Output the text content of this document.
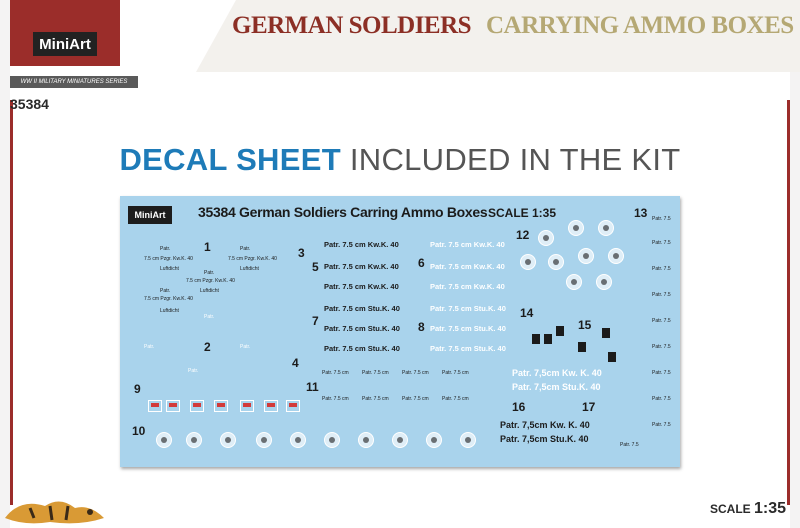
MiniArt
WW II MILITARY MINIATURES SERIES
35384
GERMAN SOLDIERS CARRYING AMMO BOXES
DECAL SHEET INCLUDED IN THE KIT
MiniArt	35384 German Soldiers Carring Ammo Boxes SCALE 1:35
1
2
3
4
5	6
7	8
9
10
11
12
13
14
15
16	17
Patr.
7.5 cm Pzgr. Kw.K. 40
Luftdicht
Patr.
7.5 cm Pzgr. Kw.K. 40
Luftdicht
Patr.
7.5 cm Pzgr. Kw.K. 40
Luftdicht
Patr.
7.5 cm Pzgr. Kw.K. 40
Luftdicht
Patr.
Patr.	Patr.
Patr.
Patr. 7.5 cm Kw.K. 40
Patr. 7.5 cm Kw.K. 40
Patr. 7.5 cm Kw.K. 40
Patr. 7.5 cm Stu.K. 40
Patr. 7.5 cm Stu.K. 40
Patr. 7.5 cm Stu.K. 40
Patr. 7.5 cm Kw.K. 40
Patr. 7.5 cm Kw.K. 40
Patr. 7.5 cm Kw.K. 40
Patr. 7.5 cm Stu.K. 40
Patr. 7.5 cm Stu.K. 40
Patr. 7.5 cm Stu.K. 40
Patr. 7,5cm Kw. K. 40
Patr. 7,5cm Stu.K. 40
Patr. 7,5cm Kw. K. 40
Patr. 7,5cm Stu.K. 40
Patr. 7.5
Patr. 7.5
Patr. 7.5
Patr. 7.5
Patr. 7.5
Patr. 7.5
Patr. 7.5
Patr. 7.5
Patr. 7.5
Patr. 7.5
Patr. 7.5 cm	Patr. 7.5 cm	Patr. 7.5 cm	Patr. 7.5 cm
Patr. 7.5 cm	Patr. 7.5 cm	Patr. 7.5 cm	Patr. 7.5 cm
SCALE 1:35
